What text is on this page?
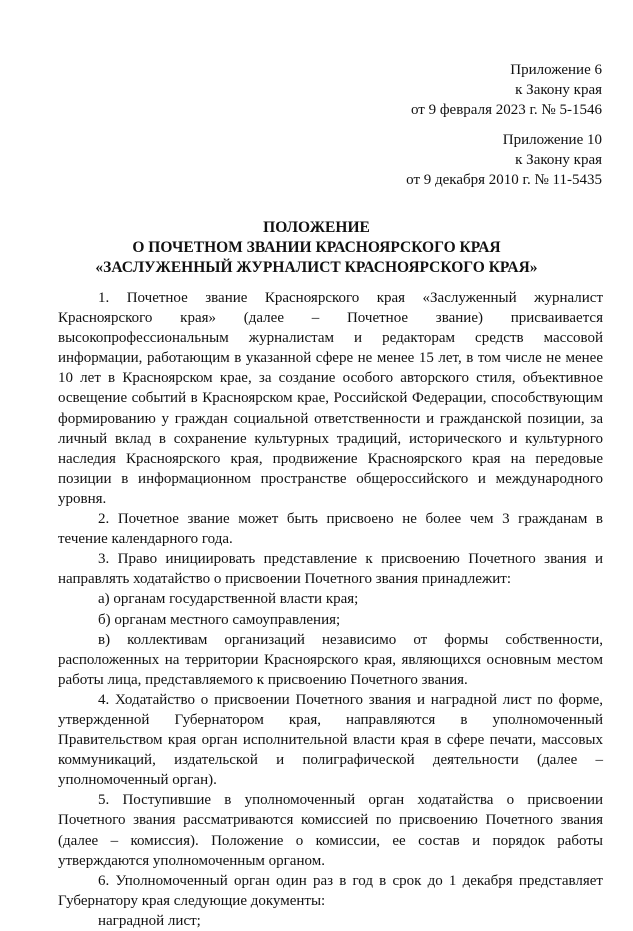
Приложение 6
к Закону края
от 9 февраля 2023 г. № 5-1546
Приложение 10
к Закону края
от 9 декабря 2010 г. № 11-5435
ПОЛОЖЕНИЕ
О ПОЧЕТНОМ ЗВАНИИ КРАСНОЯРСКОГО КРАЯ
«ЗАСЛУЖЕННЫЙ ЖУРНАЛИСТ КРАСНОЯРСКОГО КРАЯ»

1. Почетное звание Красноярского края «Заслуженный журналист Красноярского края» (далее – Почетное звание) присваивается высокопрофессиональным журналистам и редакторам средств массовой информации, работающим в указанной сфере не менее 15 лет, в том числе не менее 10 лет в Красноярском крае, за создание особого авторского стиля, объективное освещение событий в Красноярском крае, Российской Федерации, способствующим формированию у граждан социальной ответственности и гражданской позиции, за личный вклад в сохранение культурных традиций, исторического и культурного наследия Красноярского края, продвижение Красноярского края на передовые позиции в информационном пространстве общероссийского и международного уровня.

2. Почетное звание может быть присвоено не более чем 3 гражданам в течение календарного года.

3. Право инициировать представление к присвоению Почетного звания и направлять ходатайство о присвоении Почетного звания принадлежит:

а) органам государственной власти края;

б) органам местного самоуправления;

в) коллективам организаций независимо от формы собственности, расположенных на территории Красноярского края, являющихся основным местом работы лица, представляемого к присвоению Почетного звания.

4. Ходатайство о присвоении Почетного звания и наградной лист по форме, утвержденной Губернатором края, направляются в уполномоченный Правительством края орган исполнительной власти края в сфере печати, массовых коммуникаций, издательской и полиграфической деятельности (далее – уполномоченный орган).

5. Поступившие в уполномоченный орган ходатайства о присвоении Почетного звания рассматриваются комиссией по присвоению Почетного звания (далее – комиссия). Положение о комиссии, ее состав и порядок работы утверждаются уполномоченным органом.

6. Уполномоченный орган один раз в год в срок до 1 декабря представляет Губернатору края следующие документы:

наградной лист;
